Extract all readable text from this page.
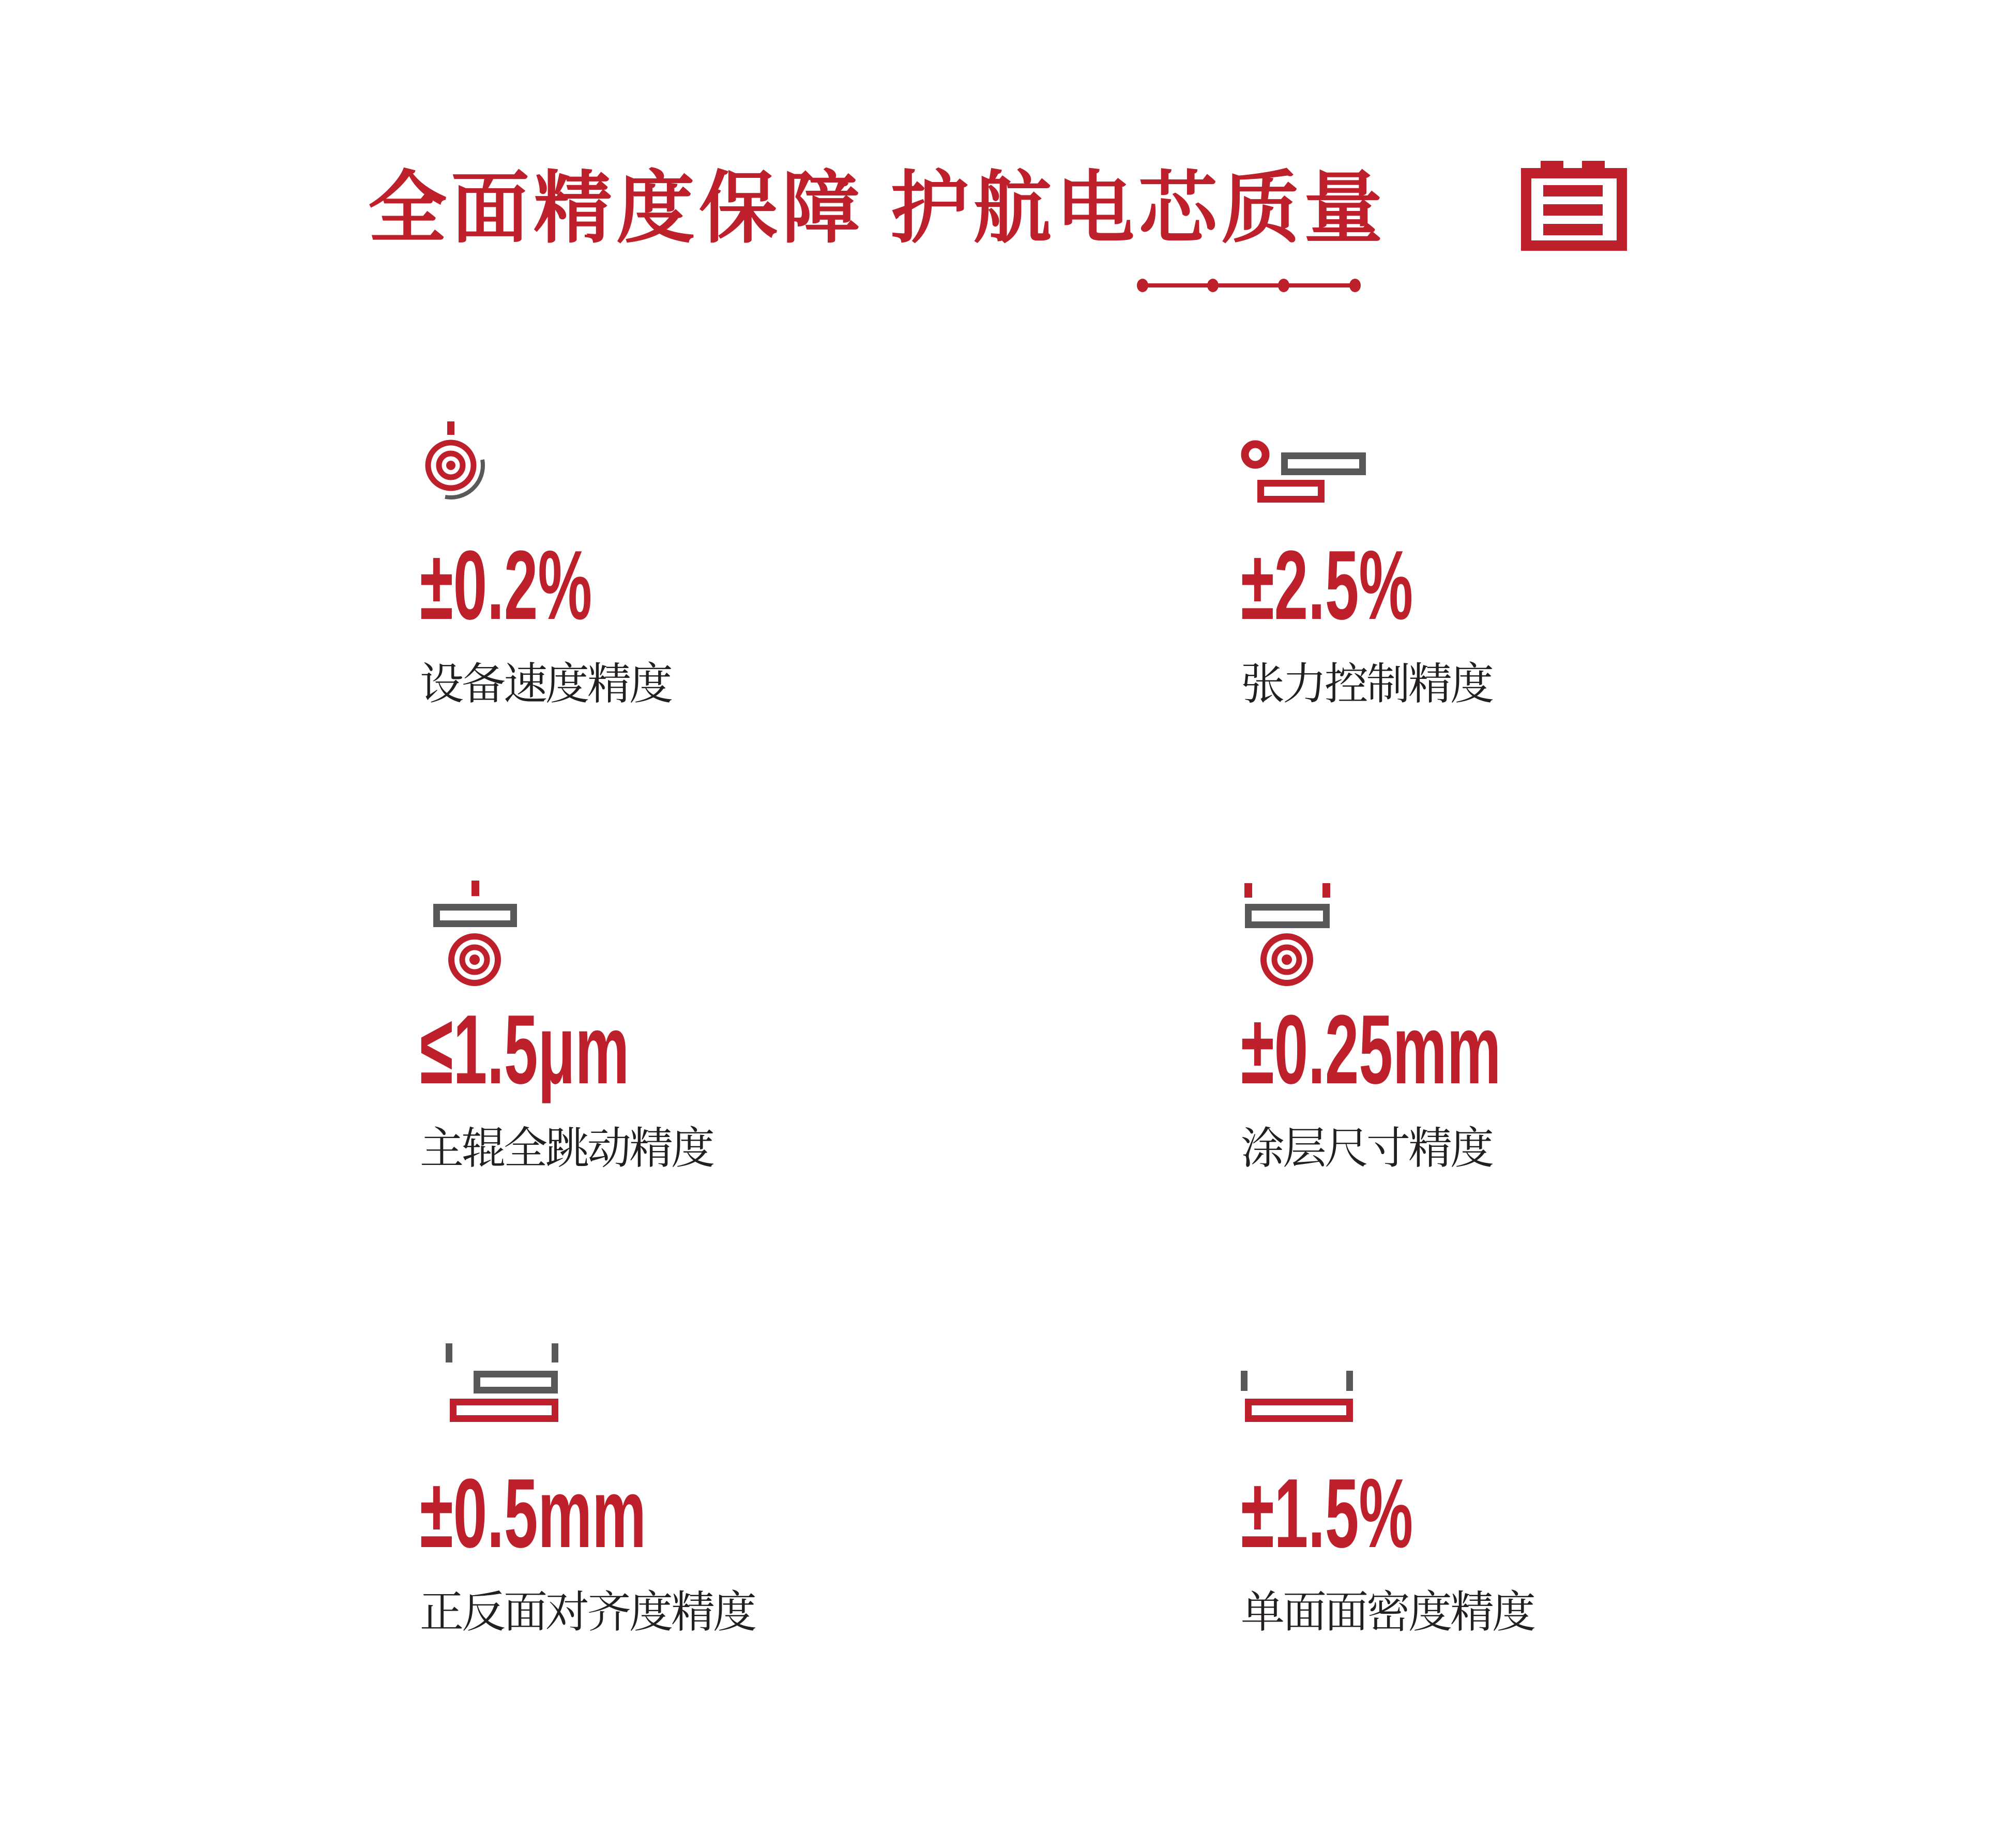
全面精度保障 护航电芯质量
±0.2%
设备速度精度
±2.5%
张力控制精度
≤1.5μm
主辊全跳动精度
±0.25mm
涂层尺寸精度
±0.5mm
正反面对齐度精度
±1.5%
单面面密度精度
